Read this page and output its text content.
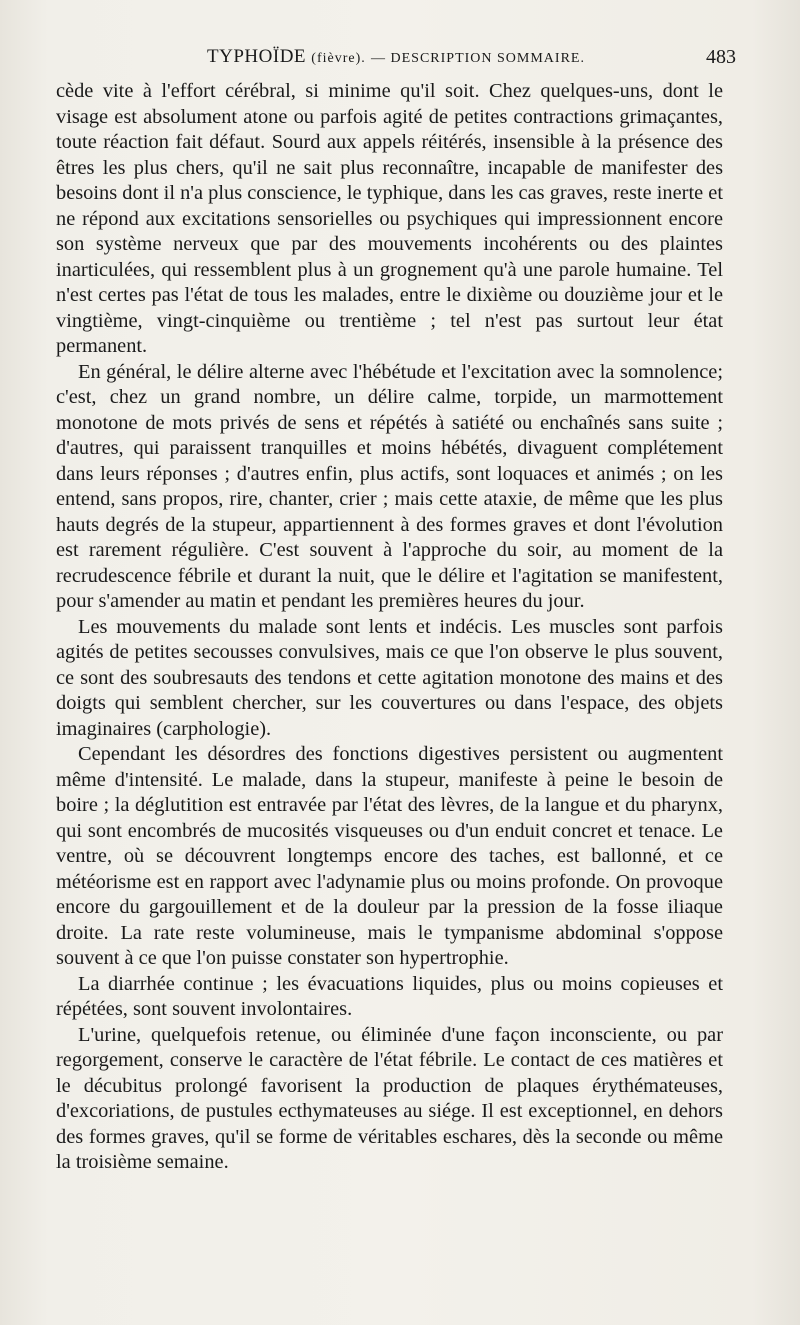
TYPHOÏDE (fièvre). — DESCRIPTION SOMMAIRE.	483

cède vite à l'effort cérébral, si minime qu'il soit. Chez quelques-uns, dont le visage est absolument atone ou parfois agité de petites contractions grimaçantes, toute réaction fait défaut. Sourd aux appels réitérés, insensible à la présence des êtres les plus chers, qu'il ne sait plus reconnaître, incapable de manifester des besoins dont il n'a plus conscience, le typhique, dans les cas graves, reste inerte et ne répond aux excitations sensorielles ou psychiques qui impressionnent encore son système nerveux que par des mouvements incohérents ou des plaintes inarticulées, qui ressemblent plus à un grognement qu'à une parole humaine. Tel n'est certes pas l'état de tous les malades, entre le dixième ou douzième jour et le vingtième, vingt-cinquième ou trentième ; tel n'est pas surtout leur état permanent.

En général, le délire alterne avec l'hébétude et l'excitation avec la somnolence; c'est, chez un grand nombre, un délire calme, torpide, un marmottement monotone de mots privés de sens et répétés à satiété ou enchaînés sans suite ; d'autres, qui paraissent tranquilles et moins hébétés, divaguent complétement dans leurs réponses ; d'autres enfin, plus actifs, sont loquaces et animés ; on les entend, sans propos, rire, chanter, crier ; mais cette ataxie, de même que les plus hauts degrés de la stupeur, appartiennent à des formes graves et dont l'évolution est rarement régulière. C'est souvent à l'approche du soir, au moment de la recrudescence fébrile et durant la nuit, que le délire et l'agitation se manifestent, pour s'amender au matin et pendant les premières heures du jour.

Les mouvements du malade sont lents et indécis. Les muscles sont parfois agités de petites secousses convulsives, mais ce que l'on observe le plus souvent, ce sont des soubresauts des tendons et cette agitation monotone des mains et des doigts qui semblent chercher, sur les couvertures ou dans l'espace, des objets imaginaires (carphologie).

Cependant les désordres des fonctions digestives persistent ou augmentent même d'intensité. Le malade, dans la stupeur, manifeste à peine le besoin de boire ; la déglutition est entravée par l'état des lèvres, de la langue et du pharynx, qui sont encombrés de mucosités visqueuses ou d'un enduit concret et tenace. Le ventre, où se découvrent longtemps encore des taches, est ballonné, et ce météorisme est en rapport avec l'adynamie plus ou moins profonde. On provoque encore du gargouillement et de la douleur par la pression de la fosse iliaque droite. La rate reste volumineuse, mais le tympanisme abdominal s'oppose souvent à ce que l'on puisse constater son hypertrophie.

La diarrhée continue ; les évacuations liquides, plus ou moins copieuses et répétées, sont souvent involontaires.

L'urine, quelquefois retenue, ou éliminée d'une façon inconsciente, ou par regorgement, conserve le caractère de l'état fébrile. Le contact de ces matières et le décubitus prolongé favorisent la production de plaques érythémateuses, d'excoriations, de pustules ecthymateuses au siége. Il est exceptionnel, en dehors des formes graves, qu'il se forme de véritables eschares, dès la seconde ou même la troisième semaine.
